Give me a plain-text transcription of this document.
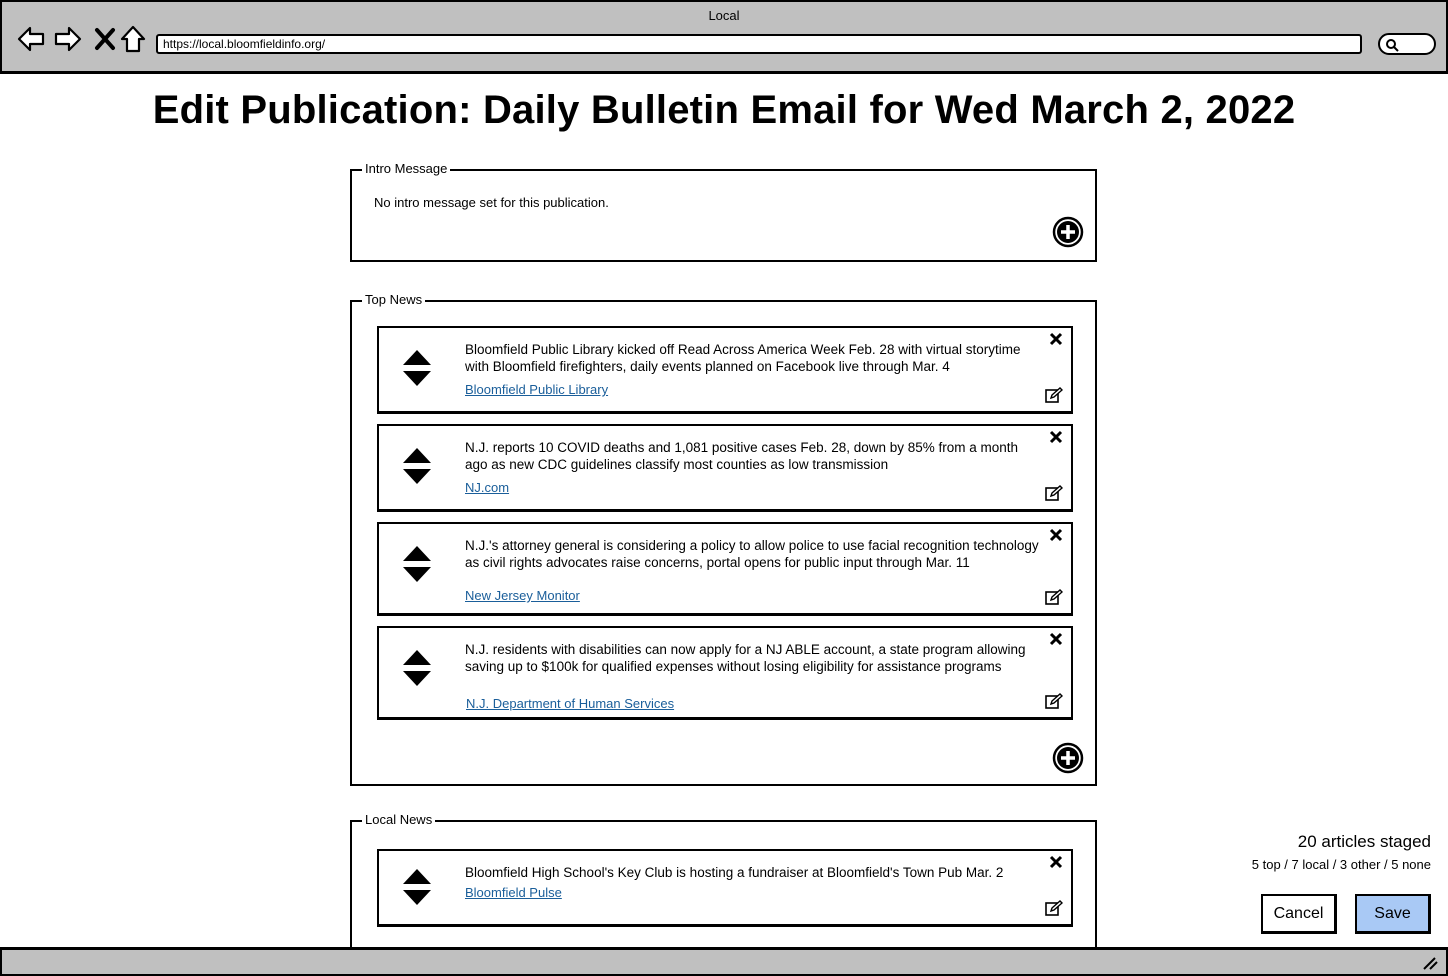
Local
https://local.bloomfieldinfo.org/
Edit Publication: Daily Bulletin Email for Wed March 2, 2022
Intro Message
No intro message set for this publication.
Top News
Bloomfield Public Library kicked off Read Across America Week Feb. 28 with virtual storytime with Bloomfield firefighters, daily events planned on Facebook live through Mar. 4
Bloomfield Public Library
N.J. reports 10 COVID deaths and 1,081 positive cases Feb. 28, down by 85% from a month ago as new CDC guidelines classify most counties as low transmission
NJ.com
N.J.'s attorney general is considering a policy to allow police to use facial recognition technology as civil rights advocates raise concerns, portal opens for public input through Mar. 11
New Jersey Monitor
N.J. residents with disabilities can now apply for a NJ ABLE account, a state program allowing saving up to $100k for qualified expenses without losing eligibility for assistance programs
N.J. Department of Human Services
Local News
Bloomfield High School's Key Club is hosting a fundraiser at Bloomfield's Town Pub Mar. 2
Bloomfield Pulse
20 articles staged
5 top / 7 local / 3 other / 5 none
Cancel	Save
